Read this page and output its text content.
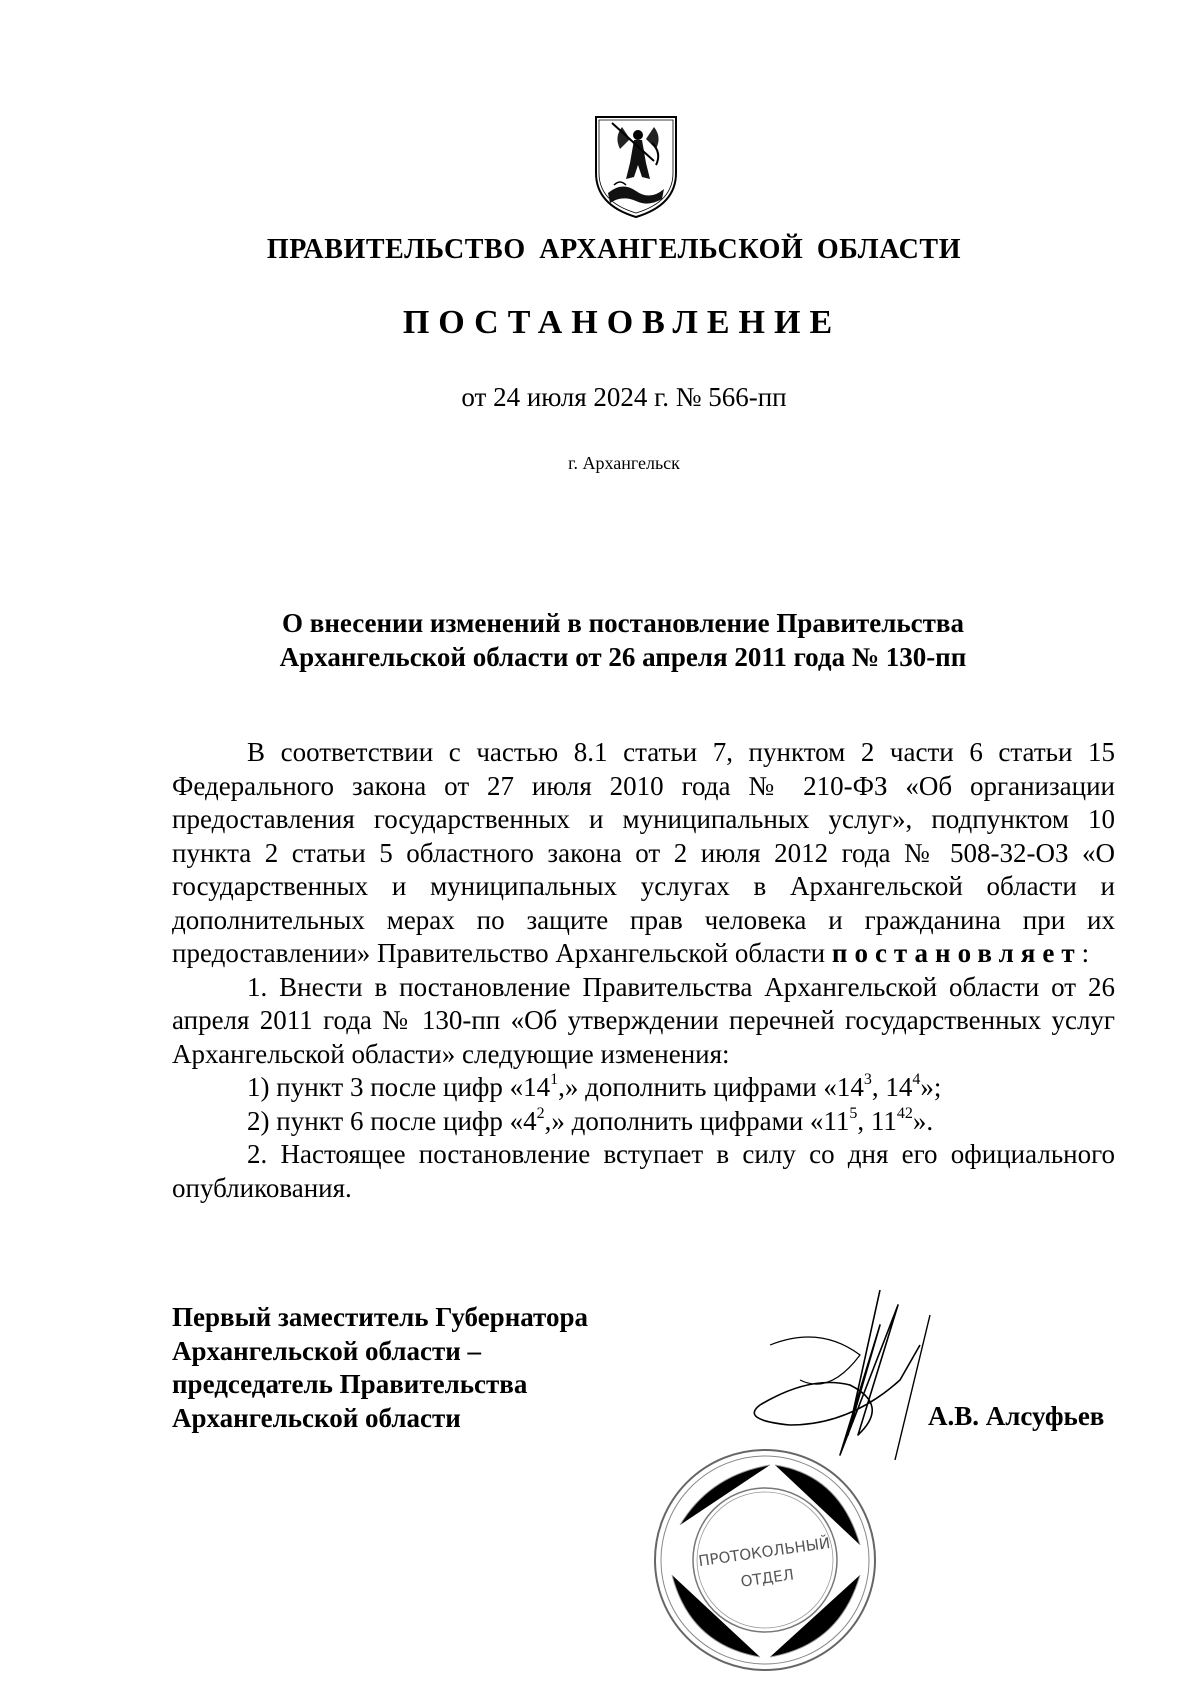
ПРАВИТЕЛЬСТВО АРХАНГЕЛЬСКОЙ ОБЛАСТИ
ПОСТАНОВЛЕНИЕ
от 24 июля 2024 г. № 566-пп
г. Архангельск
О внесении изменений в постановление Правительства
Архангельской области от 26 апреля 2011 года № 130-пп

В соответствии с частью 8.1 статьи 7, пунктом 2 части 6 статьи 15 Федерального закона от 27 июля 2010 года № 210-ФЗ «Об организации предоставления государственных и муниципальных услуг», подпунктом 10 пункта 2 статьи 5 областного закона от 2 июля 2012 года № 508-32-ОЗ «О государственных и муниципальных услугах в Архангельской области и дополнительных мерах по защите прав человека и гражданина при их предоставлении» Правительство Архангельской области постановляет:

1. Внести в постановление Правительства Архангельской области от 26 апреля 2011 года № 130-пп «Об утверждении перечней государственных услуг Архангельской области» следующие изменения:

1) пункт 3 после цифр «$14^1$,» дополнить цифрами «$14^3$, $14^4$»;

2) пункт 6 после цифр «$4^2$,» дополнить цифрами «$11^5$, $11^{42}$».

2. Настоящее постановление вступает в силу со дня его официального опубликования.

Первый заместитель Губернатора
Архангельской области –
председатель Правительства
Архангельской области	А.В. Алсуфьев
ПРОТОКОЛЬНЫЙ
ОТДЕЛ
